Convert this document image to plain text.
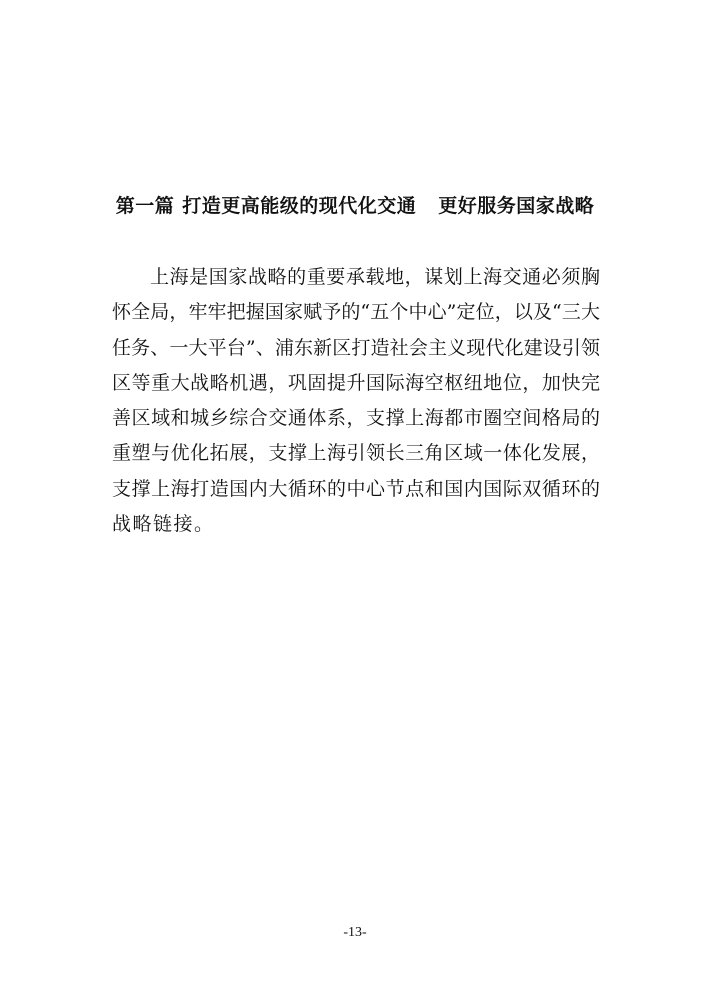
第一篇 打造更高能级的现代化交通 更好服务国家战略
上海是国家战略的重要承载地，谋划上海交通必须胸
怀全局，牢牢把握国家赋予的“五个中心”定位，以及“三大
任务、一大平台”、浦东新区打造社会主义现代化建设引领
区等重大战略机遇，巩固提升国际海空枢纽地位，加快完
善区域和城乡综合交通体系，支撑上海都市圈空间格局的
重塑与优化拓展，支撑上海引领长三角区域一体化发展，
支撑上海打造国内大循环的中心节点和国内国际双循环的
战略链接。
-13-
